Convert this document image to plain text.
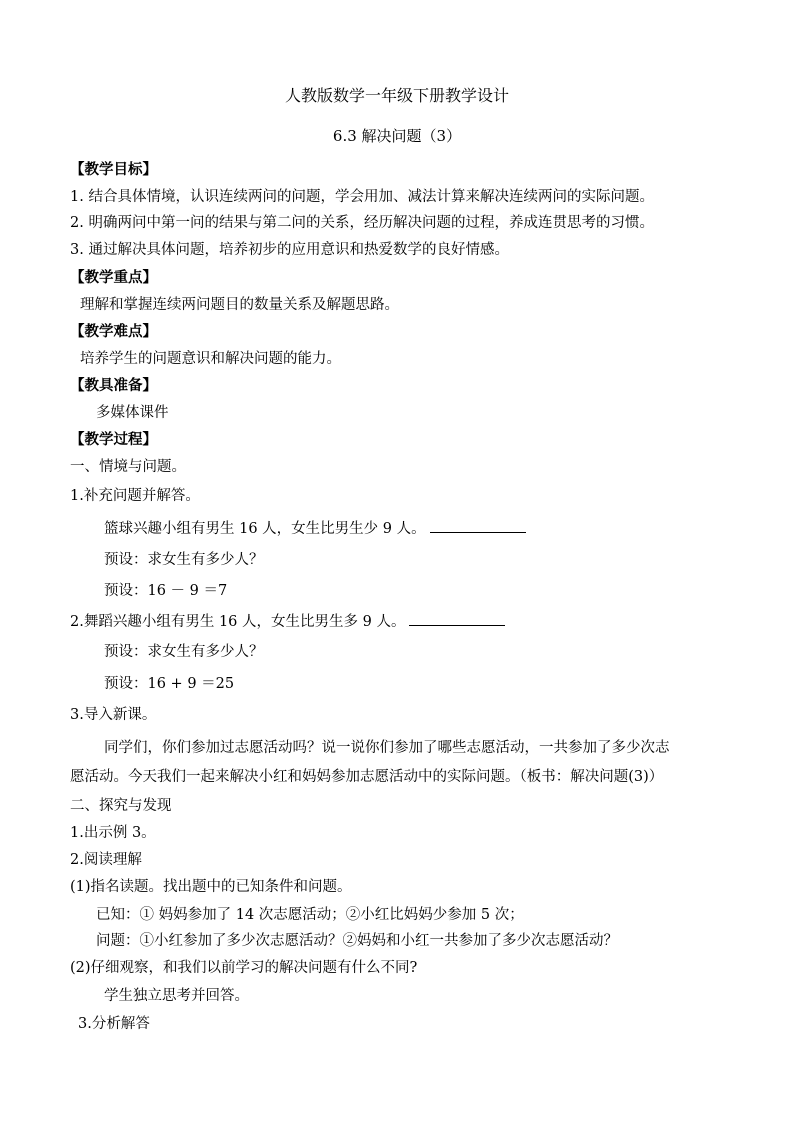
人教版数学一年级下册教学设计
6.3 解决问题（3）
【教学目标】
1. 结合具体情境，认识连续两问的问题，学会用加、减法计算来解决连续两问的实际问题。
2. 明确两问中第一问的结果与第二问的关系，经历解决问题的过程，养成连贯思考的习惯。
3. 通过解决具体问题，培养初步的应用意识和热爱数学的良好情感。
【教学重点】
理解和掌握连续两问题目的数量关系及解题思路。
【教学难点】
培养学生的问题意识和解决问题的能力。
【教具准备】
多媒体课件
【教学过程】
一、情境与问题。
1.补充问题并解答。
篮球兴趣小组有男生 16 人，女生比男生少 9 人。
预设：求女生有多少人？
预设：16 － 9 ＝7
2.舞蹈兴趣小组有男生 16 人，女生比男生多 9 人。
预设：求女生有多少人？
预设：16 + 9 ＝25
3.导入新课。
同学们，你们参加过志愿活动吗？说一说你们参加了哪些志愿活动，一共参加了多少次志
愿活动。今天我们一起来解决小红和妈妈参加志愿活动中的实际问题。（板书：解决问题(3)）
二、探究与发现
1.出示例 3。
2.阅读理解
(1)指名读题。找出题中的已知条件和问题。
已知：① 妈妈参加了 14 次志愿活动；②小红比妈妈少参加 5 次；
问题：①小红参加了多少次志愿活动？②妈妈和小红一共参加了多少次志愿活动？
(2)仔细观察，和我们以前学习的解决问题有什么不同?
学生独立思考并回答。
3.分析解答
